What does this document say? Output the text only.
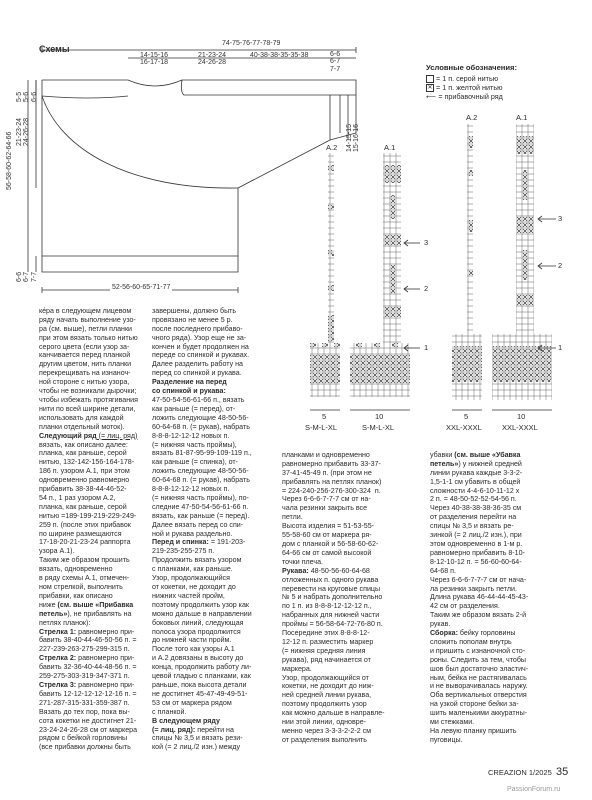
Схемы
74-75-76-77-78-79
14-15-16
16-17-18
21-23-24
24-26-28
40-38-38-35-35-38	6-6
6-7
7-7
56-58-60-62-64-66 21-23-24
24-26-28
5-5
5-6
6-6
6-6
6-7
7-7
14-15-15
15-16-16
52-56-60-65-71-77
Условные обозначения:
= 1 п. серой нитью
✕ = 1 п. желтой нитью
⟵ = прибавочный ряд
A.2	A.1
A.2	A.1
3
2
1
3
2
1
5	10	5	10
S-M-L-XL	S-M-L-XL	XXL-XXXL	XXL-XXXL

кéра в следующем лицевом
ряду начать выполнение узо-
ра (см. выше), петли планки
при этом вязать только нитью
серого цвета (если узор за-
канчивается перед планкой
другим цветом, нить планки
перекрещивать на изнаноч-
ной стороне с нитью узора,
чтобы не возникали дырочки;
чтобы избежать протягивания
нити по всей ширине детали,
использовать для каждой
планки отдельный моток).
Следующий ряд (= лиц. ряд)
вязать, как описано далее:
планка, как раньше, серой
нитью, 132-142-156-164-178-
186 п. узором А.1, при этом
одновременно равномерно
прибавить 38-38-44-46-52-
54 п., 1 раз узором А.2,
планка, как раньше, серой
нитью =189-199-219-229-249-
259 п. (после этих прибавок
по ширине размещаются
17-18-20-21-23-24 раппорта
узора А.1).
Таким же образом прошить
вязать, одновременно
в ряду схемы А.1, отмечен-
ном стрелкой, выполнить
прибавки, как описано
ниже (см. выше «Прибавка
петель»), не прибавлять на
петлях планок):
Стрелка 1: равномерно при-
бавить 38-40-44-46-50-56 п. =
227-239-263-275-299-315 п.
Стрелка 2: равномерно при-
бавить 32-36-40-44-48-56 п. =
259-275-303-319-347-371 п.
Стрелка 3: равномерно при-
бавить 12-12-12-12-12-16 п. =
271-287-315-331-359-387 п.
Вязать до тех пор, пока вы-
сота кокетки не достигнет 21-
23-24-24-26-28 см от маркера
рядом с бейкой горловины
(все прибавки должны быть

завершены, должно быть
провязано не менее 5 р.
после последнего прибаво-
чного ряда). Узор еще не за-
кончен и будет продолжен на
переде со спинкой и рукавах.
Далее разделить работу на
перед со спинкой и рукава.
Разделение на перед
со спинкой и рукава:
47-50-54-56-61-66 п., вязать
как раньше (= перед), от-
ложить следующие 48-50-56-
60-64-68 п. (= рукав), набрать
8-8-8-12-12-12 новых п.
(= нижняя часть проймы),
вязать 81-87-95-99-109-119 п.,
как раньше (= спинка), от-
ложить следующие 48-50-56-
60-64-68 п. (= рукав), набрать
8-8-8-12-12-12 новых п.
(= нижняя часть проймы), по-
следние 47-50-54-56-61-66 п.
вязать, как раньше (= перед).
Далее вязать перед со спи-
ной и рукава раздельно.
Перед и спинка: = 191-203-
219-235-255-275 п.
Продолжить вязать узором
с планками, как раньше.
Узор, продолжающийся
от кокетки, не доходит до
нижних частей пройм,
поэтому продолжить узор как
можно дальше в направлении
боковых линий, следующая
полоса узора продолжится
до нижней части пройм.
После того как узоры А.1
и А.2 довязаны в высоту до
конца, продолжить работу ли-
цевой гладью с планками, как
раньше, пока высота детали
не достигнет 45-47-49-49-51-
53 см от маркера рядом
с планкой.
В следующем ряду
(= лиц. ряд): перейти на
спицы № 3,5 и вязать рези-
кой (= 2 лиц./2 изн.) между

планками и одновременно
равномерно прибавить 33-37-
37-41-45-49 п. (при этом не
прибавлять на петлях планок)
= 224-240-256-276-300-324  п.
Через 6-6-6-7-7-7 см от на-
чала резинки закрыть все
петли.
Высота изделия = 51-53-55-
55-58-60 см от маркера ря-
дом с планкой и 56-58-60-62-
64-66 см от самой высокой
точки плеча.
Рукава: 48-50-56-60-64-68
отложенных п. одного рукава
перевести на круговые спицы
№ 5 и набрать дополнительно
по 1 п. из 8-8-8-12-12-12 п.,
набранных для нижней части
проймы = 56-58-64-72-76-80 п.
Посередине этих 8-8-8-12-
12-12 п. разместить маркер
(= нижняя средняя линия
рукава), ряд начинается от
маркера.
Узор, продолжающийся от
кокетки, не доходит до ниж-
ней средней линии рукава,
поэтому продолжить узор
как можно дальше в направле-
нии этой линии, одновре-
менно через 3-3-3-2-2-2 см
от разделения выполнить

убавки (см. выше «Убавка
петель») у нижней средней
линии рукава каждые 3-3-2-
1,5-1-1 см убавить в общей
сложности 4-4-6-10-11-12 х
2 п. = 48-50-52-52-54-56 п.
Через 40-38-38-38-36-35 см
от разделения перейти на
спицы № 3,5 и вязать ре-
зинкой (= 2 лиц./2 изн.), при
этом одновременно в 1-м р.
равномерно прибавить 8-10-
8-12-10-12 п. = 56-60-60-64-
64-68 п.
Через 6-6-6-7-7-7 см от нача-
ла резинки закрыть петли.
Длина рукава 46-44-44-45-43-
42 см от разделения.
Таким же образом вязать 2-й
рукав.
Сборка: бейку горловины
сложить пополам внутрь
и пришить с изнаночной сто-
роны. Следить за тем, чтобы
шов был достаточно эластич-
ным, бейка не растягивалась
и не выворачивалась наружу.
Оба вертикальных отверстия
на узкой стороне бейки за-
шить маленькими аккуратны-
ми стежками.
На левую планку пришить
пуговицы.

CREAZION 1/2025 35
PassionForum.ru
